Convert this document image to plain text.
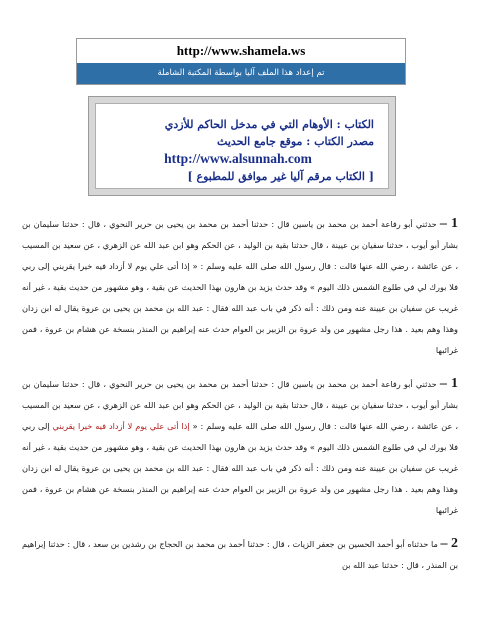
http://www.shamela.ws
تم إعداد هذا الملف آليا بواسطة المكتبة الشاملة
الكتاب : الأوهام التي في مدخل الحاكم للأزدي
مصدر الكتاب : موقع جامع الحديث
http://www.alsunnah.com
[ الكتاب مرقم آليا غير موافق للمطبوع ]

1 – حدثني أبو رفاعة أحمد بن محمد بن ياسين قال : حدثنا أحمد بن محمد بن يحيى بن حرير النحوي ، قال : حدثنا سليمان بن بشار أبو أيوب ، حدثنا سفيان بن عيينة ، قال حدثنا بقية بن الوليد ، عن الحكم وهو ابن عبد الله عن الزهري ، عن سعيد بن المسيب ، عن عائشة ، رضي الله عنها قالت : قال رسول الله صلى الله عليه وسلم : « إذا أتى علي يوم لا أزداد فيه خيرا يقربني إلى ربي فلا بورك لي في طلوع الشمس ذلك اليوم » وقد حدث يزيد بن هارون بهذا الحديث عن بقية ، وهو مشهور من حديث بقية ، غير أنه غريب عن سفيان بن عيينة عنه ومن ذلك : أنه ذكر في باب عبد الله فقال : عبد الله بن محمد بن يحيى بن عروة يقال له ابن زدان وهذا وهم بعيد . هذا رجل مشهور من ولد عروة بن الزبير بن العوام حدث عنه إبراهيم بن المنذر بنسخة عن هشام بن عروة ، فمن غرائبها

1 – حدثني أبو رفاعة أحمد بن محمد بن ياسين قال : حدثنا أحمد بن محمد بن يحيى بن حرير النحوي ، قال : حدثنا سليمان بن بشار أبو أيوب ، حدثنا سفيان بن عيينة ، قال حدثنا بقية بن الوليد ، عن الحكم وهو ابن عبد الله عن الزهري ، عن سعيد بن المسيب ، عن عائشة ، رضي الله عنها قالت : قال رسول الله صلى الله عليه وسلم : « إذا أتى علي يوم لا أزداد فيه خيرا يقربني إلى ربي فلا بورك لي في طلوع الشمس ذلك اليوم » وقد حدث يزيد بن هارون بهذا الحديث عن بقية ، وهو مشهور من حديث بقية ، غير أنه غريب عن سفيان بن عيينة عنه ومن ذلك : أنه ذكر في باب عبد الله فقال : عبد الله بن محمد بن يحيى بن عروة يقال له ابن زدان وهذا وهم بعيد . هذا رجل مشهور من ولد عروة بن الزبير بن العوام حدث عنه إبراهيم بن المنذر بنسخة عن هشام بن عروة ، فمن غرائبها

2 – ما حدثناه أبو أحمد الحسين بن جعفر الزيات ، قال : حدثنا أحمد بن محمد بن الحجاج بن رشدين بن سعد ، قال : حدثنا إبراهيم بن المنذر ، قال : حدثنا عبد الله بن
